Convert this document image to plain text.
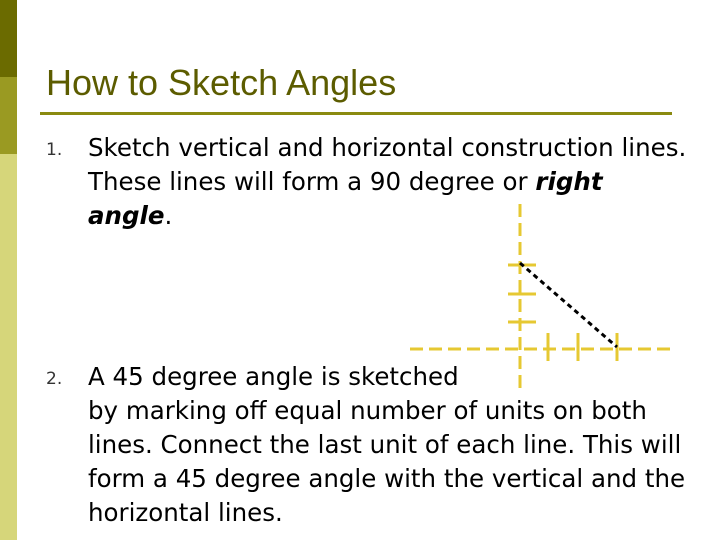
How to Sketch Angles
1.	Sketch vertical and horizontal construction lines. These lines will form a 90 degree or right angle.
2.	A 45 degree angle is sketched
by marking off equal number of units on both lines. Connect the last unit of each line. This will form a 45 degree angle with the vertical and the horizontal lines.
